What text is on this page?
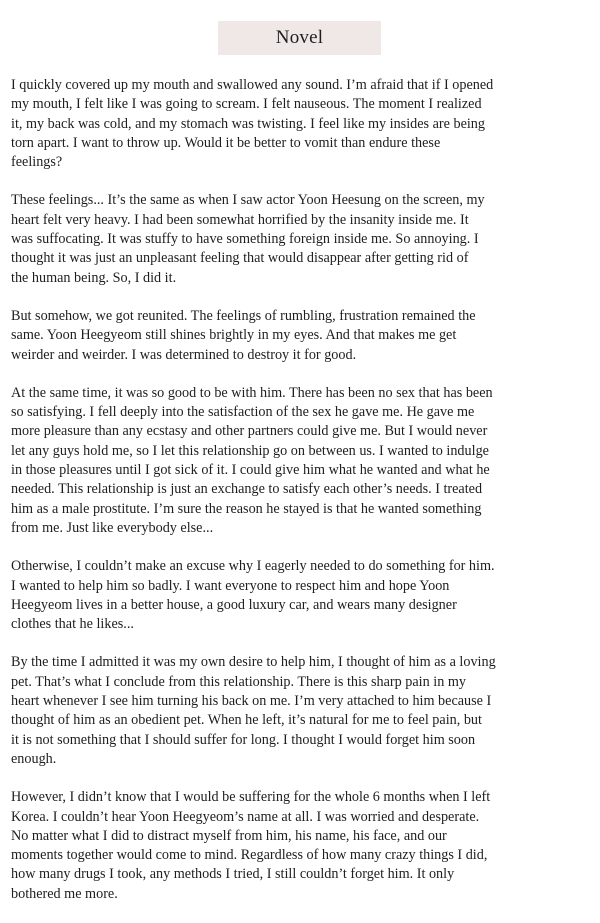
Novel

I quickly covered up my mouth and swallowed any sound. I’m afraid that if I opened
my mouth, I felt like I was going to scream. I felt nauseous. The moment I realized
it, my back was cold, and my stomach was twisting. I feel like my insides are being
torn apart. I want to throw up. Would it be better to vomit than endure these
feelings?

These feelings... It’s the same as when I saw actor Yoon Heesung on the screen, my
heart felt very heavy. I had been somewhat horrified by the insanity inside me. It
was suffocating. It was stuffy to have something foreign inside me. So annoying. I
thought it was just an unpleasant feeling that would disappear after getting rid of
the human being. So, I did it.

But somehow, we got reunited. The feelings of rumbling, frustration remained the
same. Yoon Heegyeom still shines brightly in my eyes. And that makes me get
weirder and weirder. I was determined to destroy it for good.

At the same time, it was so good to be with him. There has been no sex that has been
so satisfying. I fell deeply into the satisfaction of the sex he gave me. He gave me
more pleasure than any ecstasy and other partners could give me. But I would never
let any guys hold me, so I let this relationship go on between us. I wanted to indulge
in those pleasures until I got sick of it. I could give him what he wanted and what he
needed. This relationship is just an exchange to satisfy each other’s needs. I treated
him as a male prostitute. I’m sure the reason he stayed is that he wanted something
from me. Just like everybody else...

Otherwise, I couldn’t make an excuse why I eagerly needed to do something for him.
I wanted to help him so badly. I want everyone to respect him and hope Yoon
Heegyeom lives in a better house, a good luxury car, and wears many designer
clothes that he likes...

By the time I admitted it was my own desire to help him, I thought of him as a loving
pet. That’s what I conclude from this relationship. There is this sharp pain in my
heart whenever I see him turning his back on me. I’m very attached to him because I
thought of him as an obedient pet. When he left, it’s natural for me to feel pain, but
it is not something that I should suffer for long. I thought I would forget him soon
enough.

However, I didn’t know that I would be suffering for the whole 6 months when I left
Korea. I couldn’t hear Yoon Heegyeom’s name at all. I was worried and desperate.
No matter what I did to distract myself from him, his name, his face, and our
moments together would come to mind. Regardless of how many crazy things I did,
how many drugs I took, any methods I tried, I still couldn’t forget him. It only
bothered me more.
